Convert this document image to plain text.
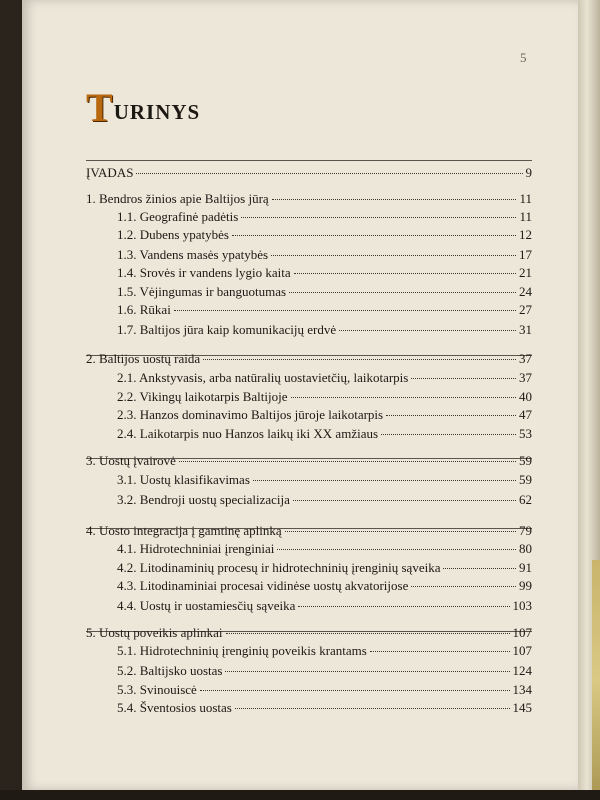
5
T URINYS
ĮVADAS	9
1. Bendros žinios apie Baltijos jūrą	11
1.1. Geografinė padėtis	11
1.2. Dubens ypatybės	12
1.3. Vandens masės ypatybės	17
1.4. Srovės ir vandens lygio kaita	21
1.5. Vėjingumas ir banguotumas	24
1.6. Rūkai	27
1.7. Baltijos jūra kaip komunikacijų erdvė	31
2. Baltijos uostų raida	37
2.1. Ankstyvasis, arba natūralių uostavietčių, laikotarpis	37
2.2. Vikingų laikotarpis Baltijoje	40
2.3. Hanzos dominavimo Baltijos jūroje laikotarpis	47
2.4. Laikotarpis nuo Hanzos laikų iki XX amžiaus	53
3. Uostų įvairovė	59
3.1. Uostų klasifikavimas	59
3.2. Bendroji uostų specializacija	62
4. Uosto integracija į gamtinę aplinką	79
4.1. Hidrotechniniai įrenginiai	80
4.2. Litodinaminių procesų ir hidrotechninių įrenginių sąveika	91
4.3. Litodinaminiai procesai vidinėse uostų akvatorijose	99
4.4. Uostų ir uostamiesčių sąveika	103
5. Uostų poveikis aplinkai	107
5.1. Hidrotechninių įrenginių poveikis krantams	107
5.2. Baltijsko uostas	124
5.3. Svinouiscė	134
5.4. Šventosios uostas	145
